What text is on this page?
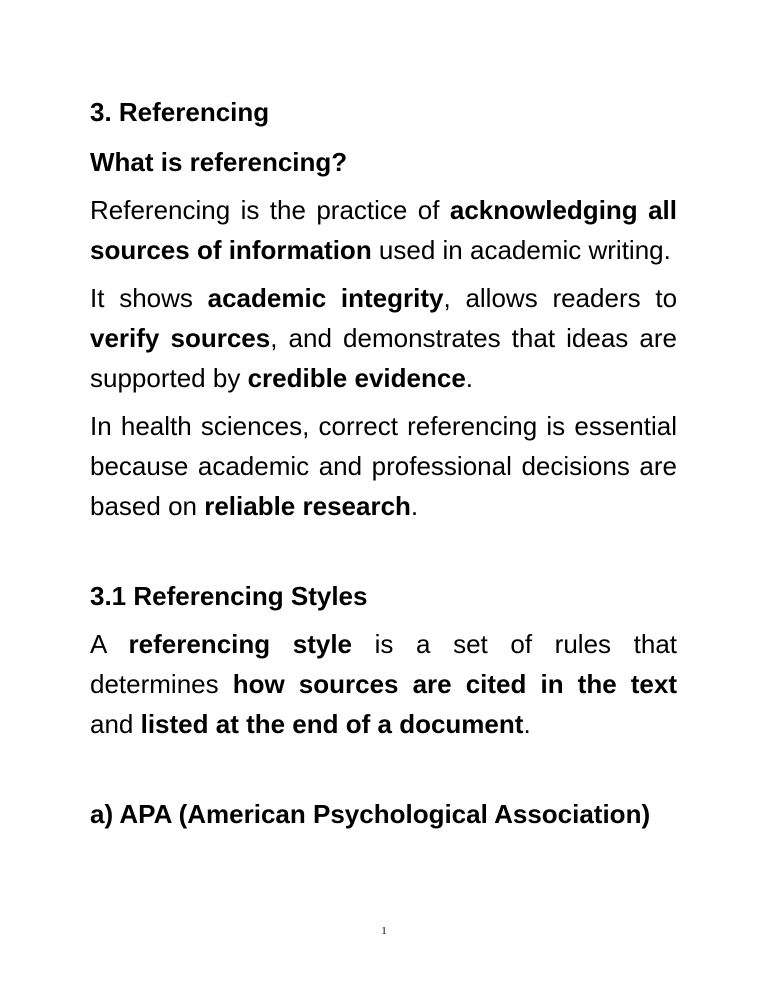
3. Referencing
What is referencing?

Referencing is the practice of acknowledging all sources of information used in academic writing.

It shows academic integrity, allows readers to verify sources, and demonstrates that ideas are supported by credible evidence.

In health sciences, correct referencing is essential because academic and professional decisions are based on reliable research.

3.1 Referencing Styles

A referencing style is a set of rules that determines how sources are cited in the text and listed at the end of a document.

a) APA (American Psychological Association)
1
